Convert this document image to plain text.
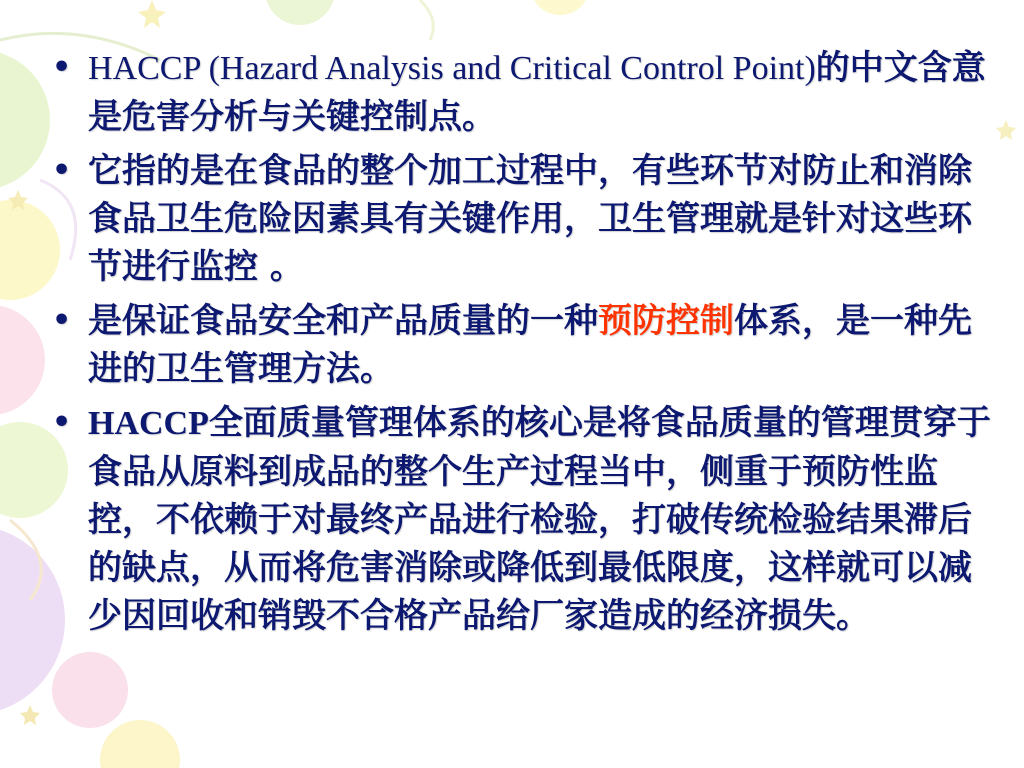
• HACCP (Hazard Analysis and Critical Control Point)的中文含意是危害分析与关键控制点。
• 它指的是在食品的整个加工过程中，有些环节对防止和消除食品卫生危险因素具有关键作用，卫生管理就是针对这些环节进行监控 。
• 是保证食品安全和产品质量的一种预防控制体系，是一种先进的卫生管理方法。
• HACCP全面质量管理体系的核心是将食品质量的管理贯穿于食品从原料到成品的整个生产过程当中，侧重于预防性监控，不依赖于对最终产品进行检验，打破传统检验结果滞后的缺点，从而将危害消除或降低到最低限度，这样就可以减少因回收和销毁不合格产品给厂家造成的经济损失。
